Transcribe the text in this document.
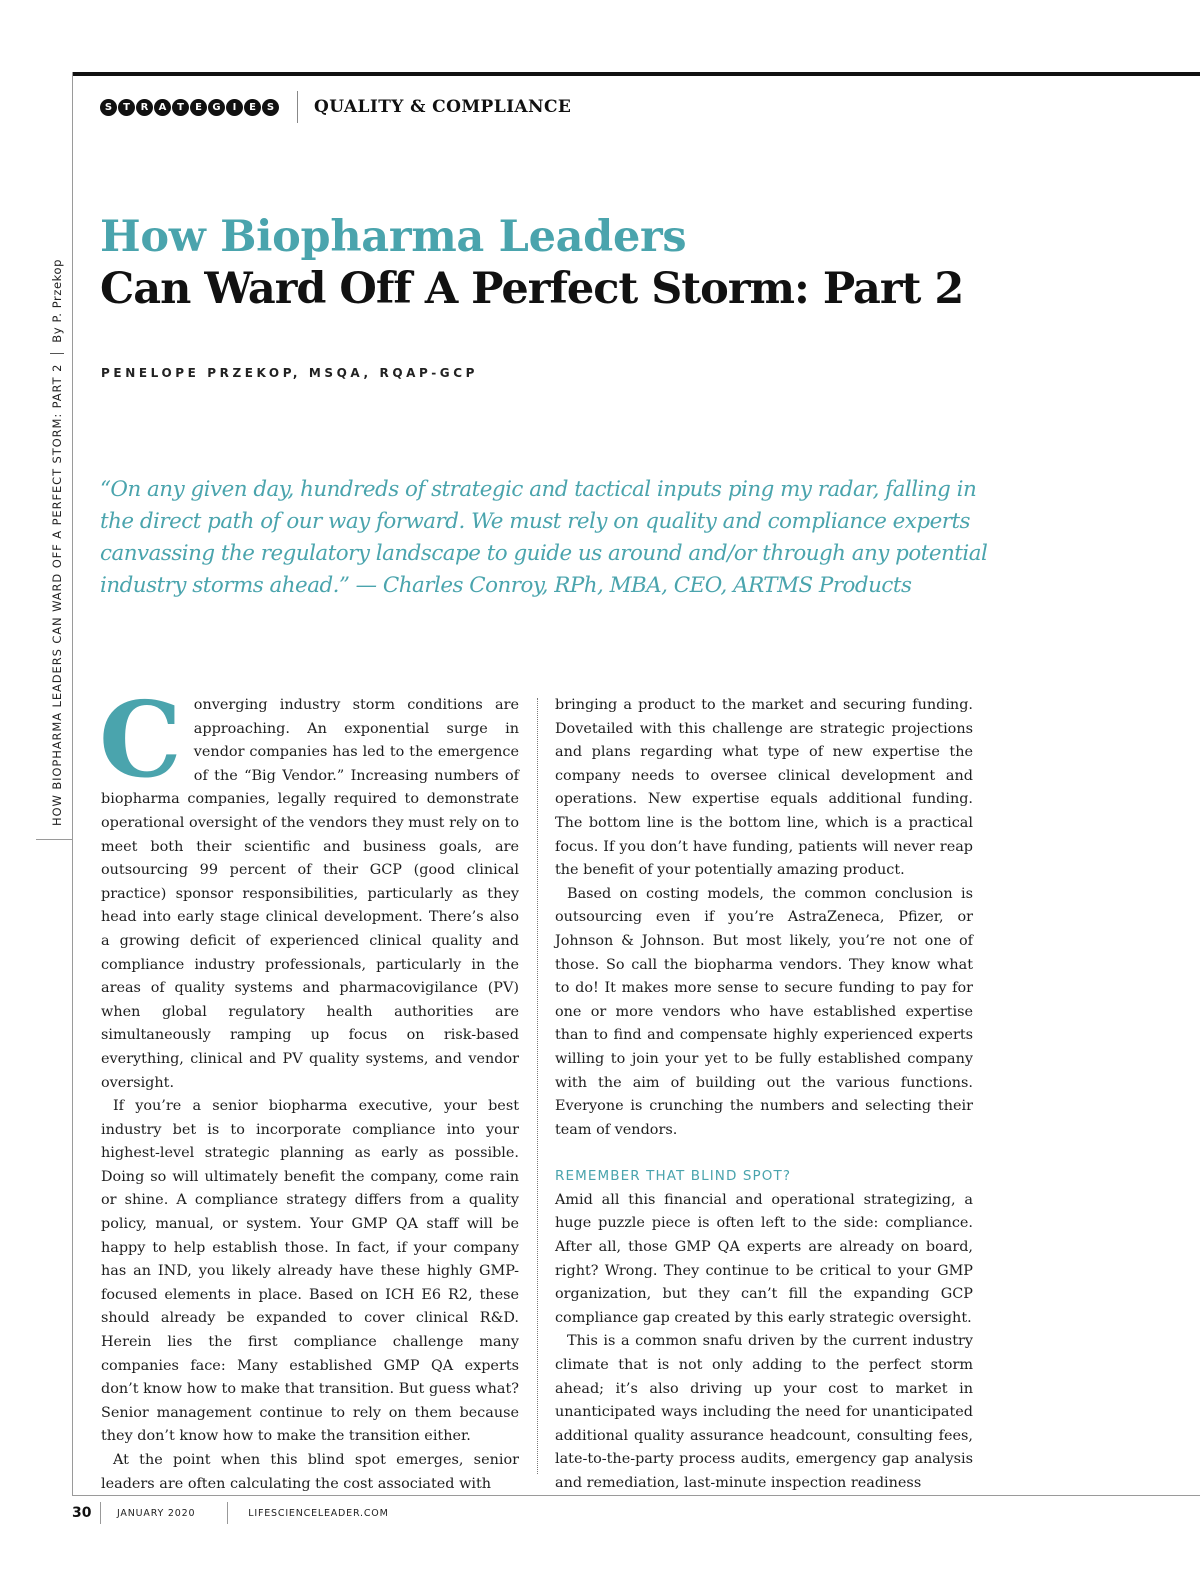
HOW BIOPHARMA LEADERS CAN WARD OFF A PERFECT STORM: PART 2
By P. Przekop
S	T	R	A	T	E	G	I	E	S QUALITY & COMPLIANCE
How Biopharma Leaders
Can Ward Off A Perfect Storm: Part 2
PENELOPE PRZEKOP, MSQA, RQAP-GCP
“On any given day, hundreds of strategic and tactical inputs ping my radar, falling in the direct path of our way forward. We must rely on quality and compliance experts canvassing the regulatory landscape to guide us around and/or through any potential industry storms ahead.” — Charles Conroy, RPh, MBA, CEO, ARTMS Products

Converging industry storm conditions are approaching. An exponential surge in vendor companies has led to the emergence of the “Big Vendor.” Increasing numbers of biopharma companies, legally required to demonstrate operational oversight of the vendors they must rely on to meet both their scientific and business goals, are outsourcing 99 percent of their GCP (good clinical practice) sponsor responsibilities, particularly as they head into early stage clinical development. There’s also a growing deficit of experienced clinical quality and compliance industry professionals, particularly in the areas of quality systems and pharmacovigilance (PV) when global regulatory health authorities are simultaneously ramping up focus on risk-based everything, clinical and PV quality systems, and vendor oversight.

If you’re a senior biopharma executive, your best industry bet is to incorporate compliance into your highest-level strategic planning as early as possible. Doing so will ultimately benefit the company, come rain or shine. A compliance strategy differs from a quality policy, manual, or system. Your GMP QA staff will be happy to help establish those. In fact, if your company has an IND, you likely already have these highly GMP-focused elements in place. Based on ICH E6 R2, these should already be expanded to cover clinical R&D. Herein lies the first compliance challenge many companies face: Many established GMP QA experts don’t know how to make that transition. But guess what? Senior management continue to rely on them because they don’t know how to make the transition either.

At the point when this blind spot emerges, senior leaders are often calculating the cost associated with

bringing a product to the market and securing funding. Dovetailed with this challenge are strategic projections and plans regarding what type of new expertise the company needs to oversee clinical development and operations. New expertise equals additional funding. The bottom line is the bottom line, which is a practical focus. If you don’t have funding, patients will never reap the benefit of your potentially amazing product.

Based on costing models, the common conclusion is outsourcing even if you’re AstraZeneca, Pfizer, or Johnson & Johnson. But most likely, you’re not one of those. So call the biopharma vendors. They know what to do! It makes more sense to secure funding to pay for one or more vendors who have established expertise than to find and compensate highly experienced experts willing to join your yet to be fully established company with the aim of building out the various functions. Everyone is crunching the numbers and selecting their team of vendors.

REMEMBER THAT BLIND SPOT?

Amid all this financial and operational strategizing, a huge puzzle piece is often left to the side: compliance. After all, those GMP QA experts are already on board, right? Wrong. They continue to be critical to your GMP organization, but they can’t fill the expanding GCP compliance gap created by this early strategic oversight.

This is a common snafu driven by the current industry climate that is not only adding to the perfect storm ahead; it’s also driving up your cost to market in unanticipated ways including the need for unanticipated additional quality assurance headcount, consulting fees, late-to-the-party process audits, emergency gap analysis and remediation, last-minute inspection readiness

30	JANUARY 2020	LIFESCIENCELEADER.COM
